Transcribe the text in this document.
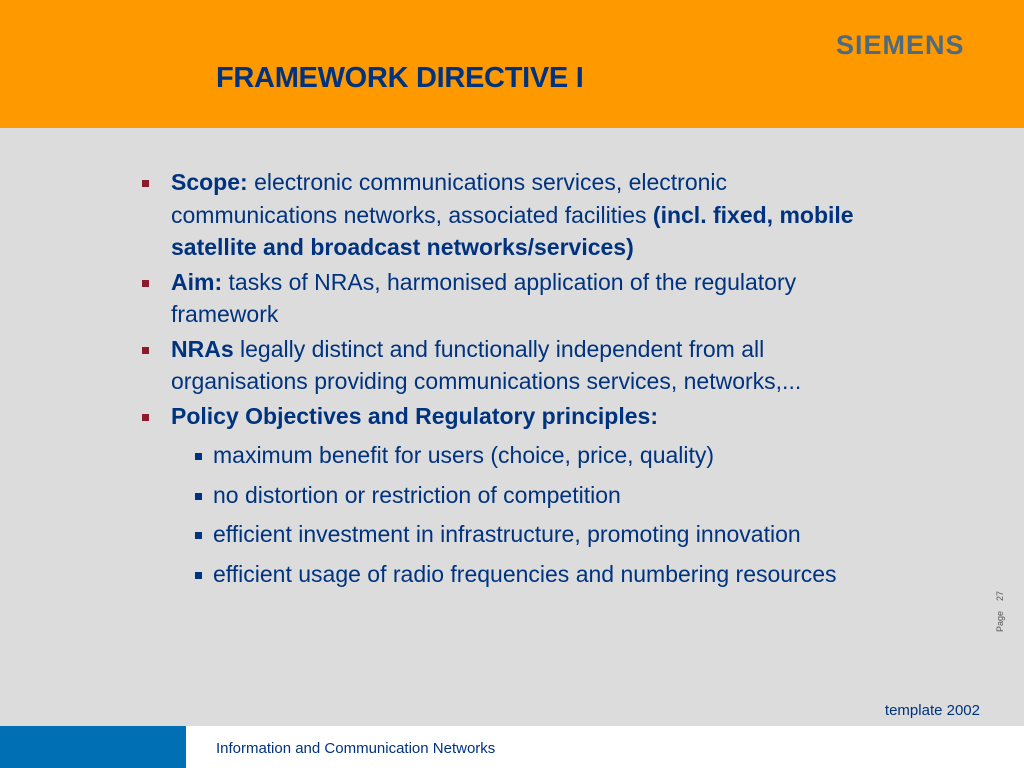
FRAMEWORK DIRECTIVE I
SIEMENS
Scope: electronic communications services, electronic communications networks, associated facilities (incl. fixed, mobile satellite and broadcast networks/services)
Aim: tasks of NRAs, harmonised application of the regulatory framework
NRAs legally distinct and functionally independent from all organisations providing communications services, networks,...
Policy Objectives and Regulatory principles:
maximum benefit for users (choice, price, quality)
no distortion or restriction of competition
efficient investment in infrastructure, promoting innovation
efficient usage of radio frequencies and numbering resources
Page27
template 2002
Information and Communication Networks
